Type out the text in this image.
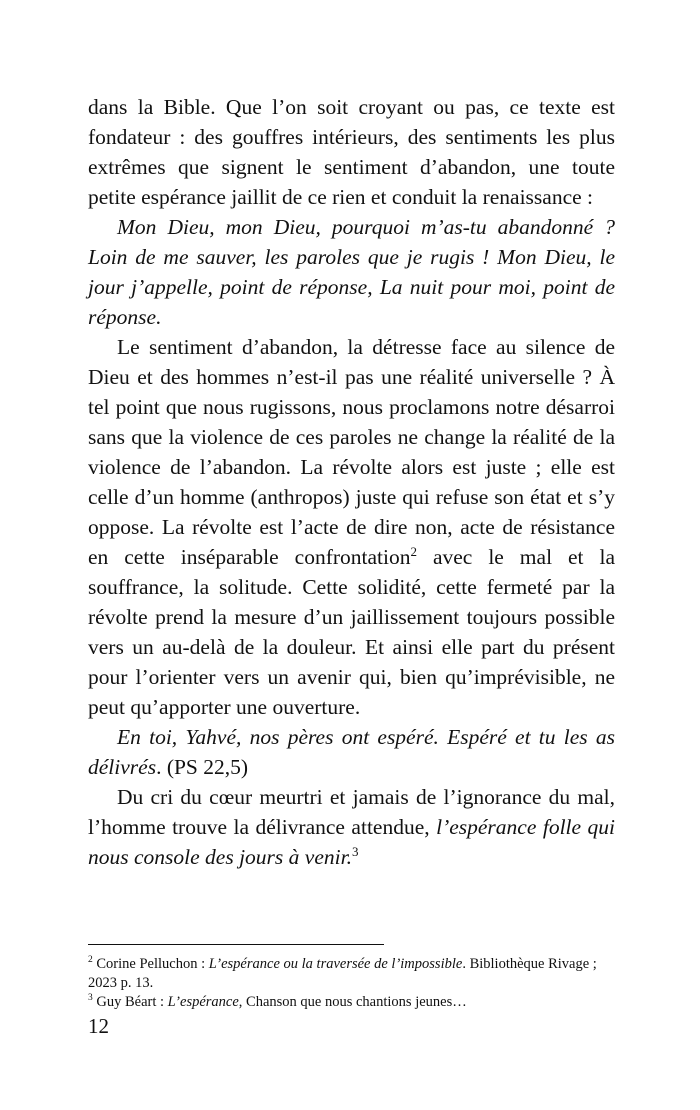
dans la Bible. Que l’on soit croyant ou pas, ce texte est fondateur : des gouffres intérieurs, des sentiments les plus extrêmes que signent le sentiment d’abandon, une toute petite espérance jaillit de ce rien et conduit la renaissance :

Mon Dieu, mon Dieu, pourquoi m’as-tu abandonné ? Loin de me sauver, les paroles que je rugis ! Mon Dieu, le jour j’appelle, point de réponse, La nuit pour moi, point de réponse.

Le sentiment d’abandon, la détresse face au silence de Dieu et des hommes n’est-il pas une réalité universelle ? À tel point que nous rugissons, nous proclamons notre désarroi sans que la violence de ces paroles ne change la réalité de la violence de l’abandon. La révolte alors est juste ; elle est celle d’un homme (anthropos) juste qui refuse son état et s’y oppose. La révolte est l’acte de dire non, acte de résistance en cette inséparable confrontation$^2$ avec le mal et la souffrance, la solitude. Cette solidité, cette fermeté par la révolte prend la mesure d’un jaillissement toujours possible vers un au-delà de la douleur. Et ainsi elle part du présent pour l’orienter vers un avenir qui, bien qu’imprévisible, ne peut qu’apporter une ouverture.

En toi, Yahvé, nos pères ont espéré. Espéré et tu les as délivrés. (PS 22,5)

Du cri du cœur meurtri et jamais de l’ignorance du mal, l’homme trouve la délivrance attendue, l’espérance folle qui nous console des jours à venir.$^3$

$^2$ Corine Pelluchon : L’espérance ou la traversée de l’impossible. Bibliothèque Rivage ; 2023 p. 13.

$^3$ Guy Béart : L’espérance, Chanson que nous chantions jeunes…

12
